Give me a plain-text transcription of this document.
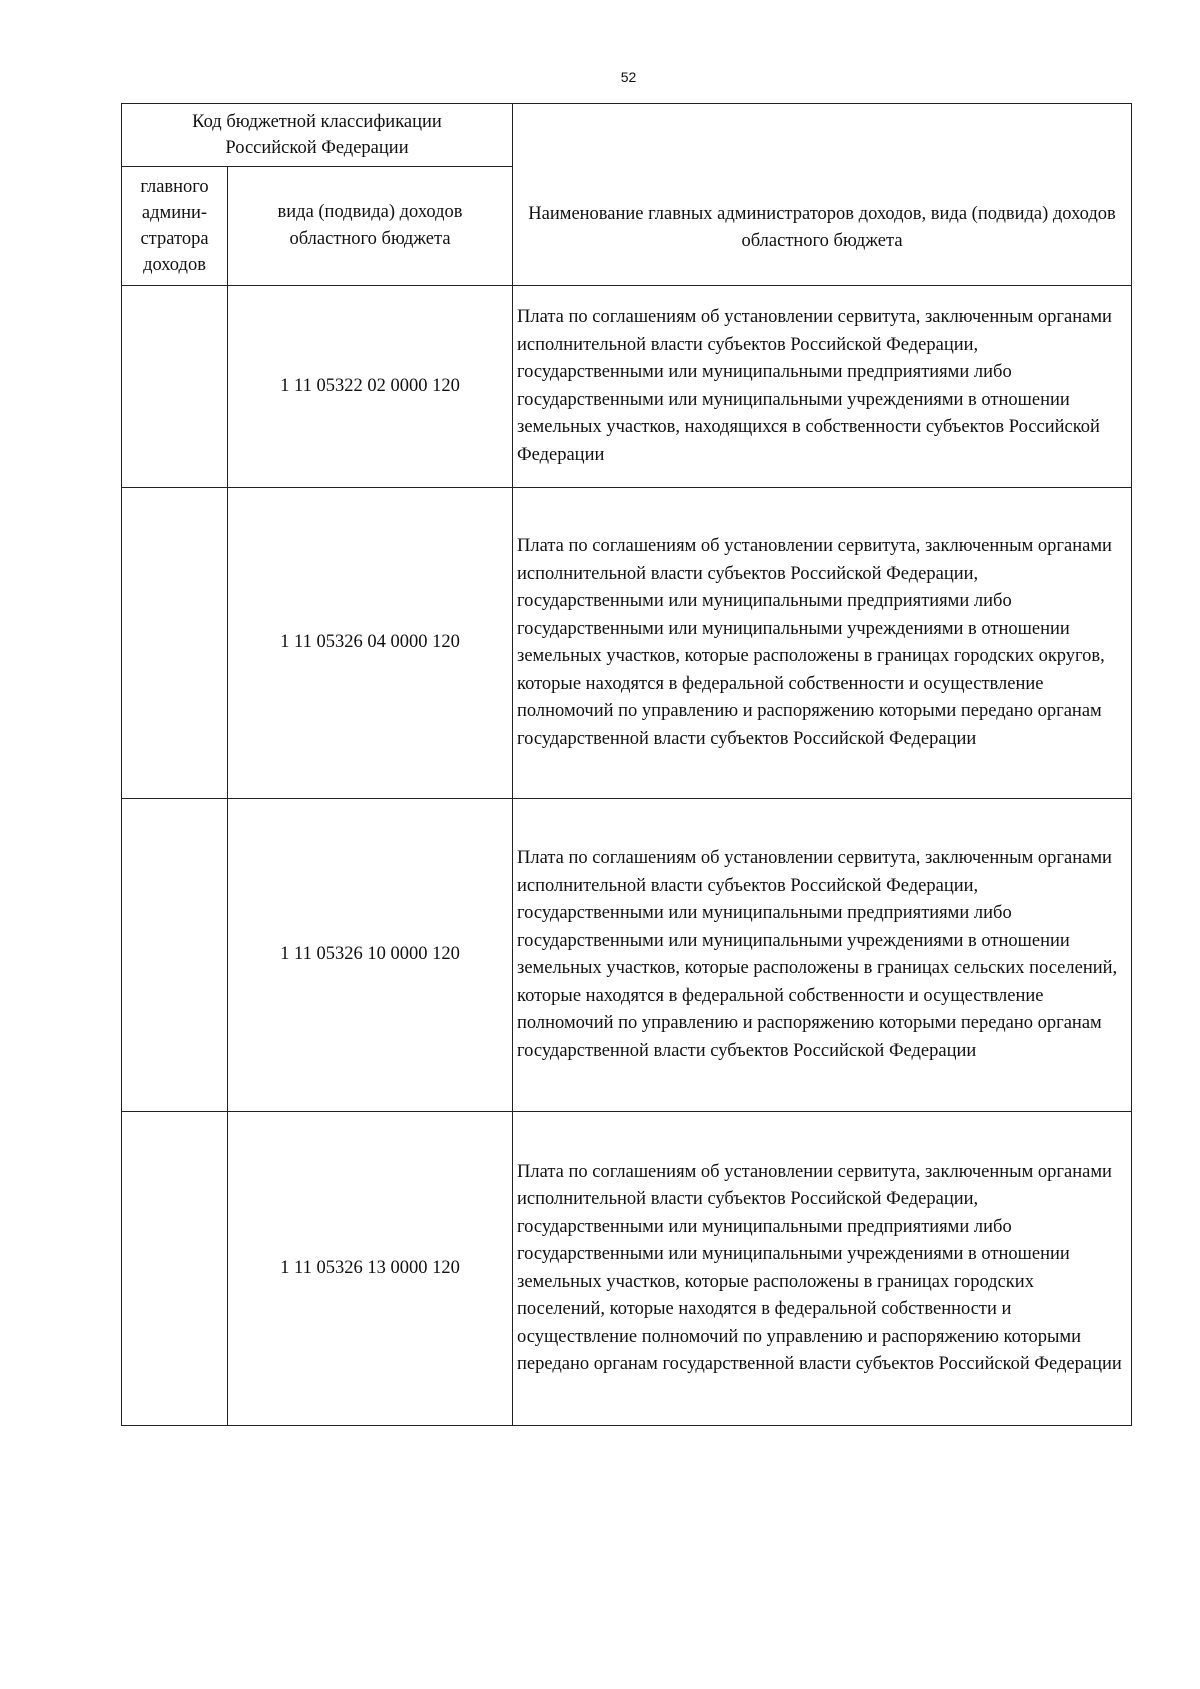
52
Код бюджетной классификации Российской Федерации		Наименование главных администраторов доходов, вида (подвида) доходов областного бюджета

главного админи-стратора доходов	вида (подвида) доходов областного бюджета	

	1 11 05322 02 0000 120	Плата по соглашениям об установлении сервитута, заключенным органами исполнительной власти субъектов Российской Федерации, государственными или муниципальными предприятиями либо государственными или муниципальными учреждениями в отношении земельных участков, находящихся в собственности субъектов Российской Федерации
	1 11 05326 04 0000 120	Плата по соглашениям об установлении сервитута, заключенным органами исполнительной власти субъектов Российской Федерации, государственными или муниципальными предприятиями либо государственными или муниципальными учреждениями в отношении земельных участков, которые расположены в границах городских округов, которые находятся в федеральной собственности и осуществление полномочий по управлению и распоряжению которыми передано органам государственной власти субъектов Российской Федерации
	1 11 05326 10 0000 120	Плата по соглашениям об установлении сервитута, заключенным органами исполнительной власти субъектов Российской Федерации, государственными или муниципальными предприятиями либо государственными или муниципальными учреждениями в отношении земельных участков, которые расположены в границах сельских поселений, которые находятся в федеральной собственности и осуществление полномочий по управлению и распоряжению которыми передано органам государственной власти субъектов Российской Федерации
	1 11 05326 13 0000 120	Плата по соглашениям об установлении сервитута, заключенным органами исполнительной власти субъектов Российской Федерации, государственными или муниципальными предприятиями либо государственными или муниципальными учреждениями в отношении земельных участков, которые расположены в границах городских поселений, которые находятся в федеральной собственности и осуществление полномочий по управлению и распоряжению которыми передано органам государственной власти субъектов Российской Федерации
